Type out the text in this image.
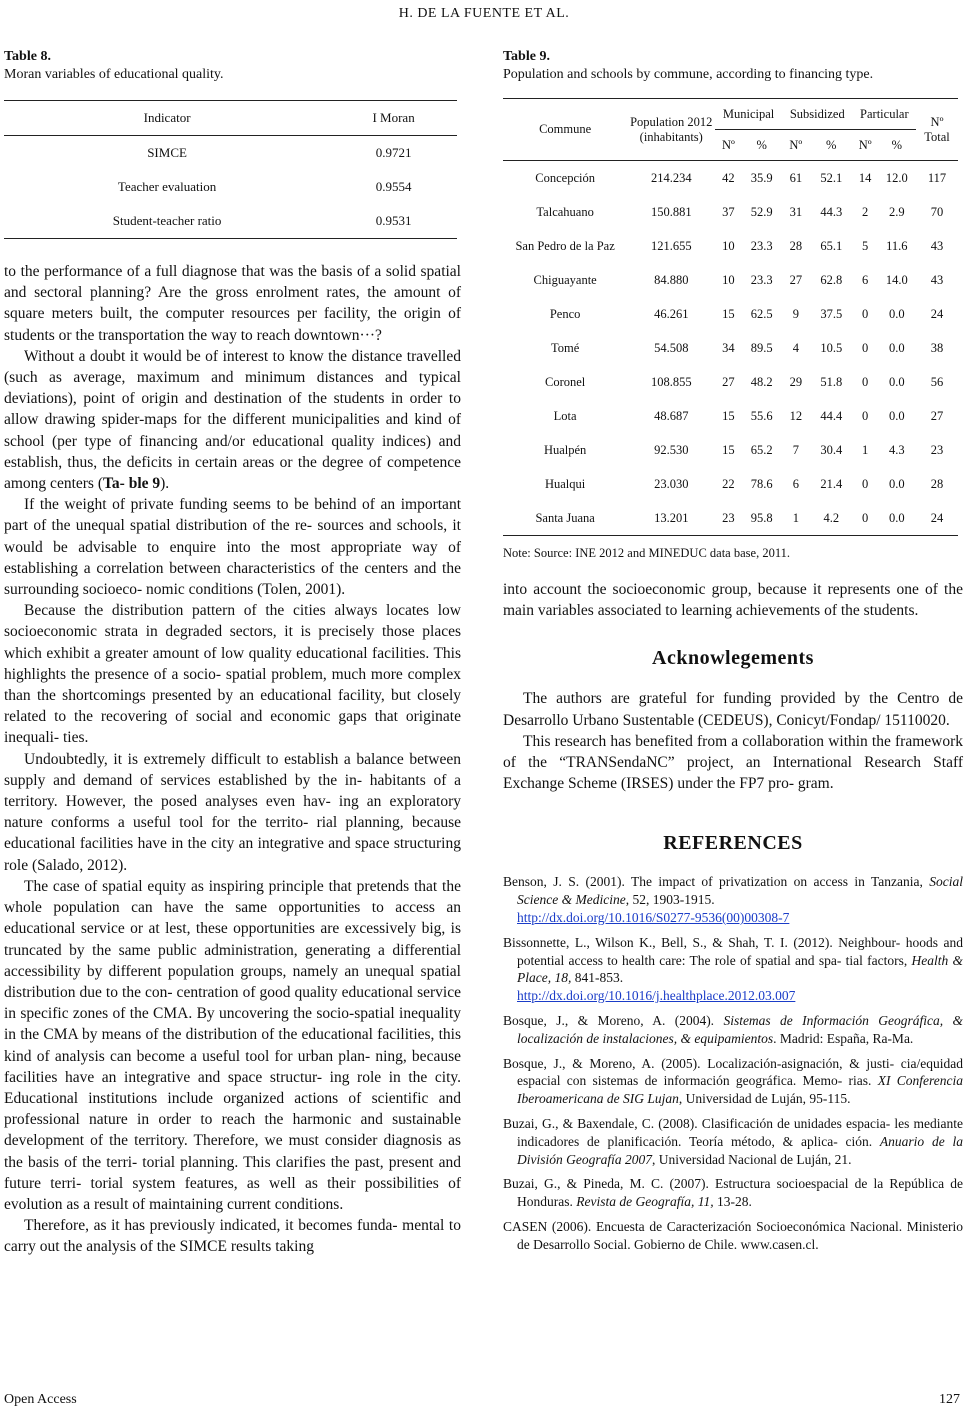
H. DE LA FUENTE ET AL.
Table 8.
Moran variables of educational quality.
Indicator	I Moran
SIMCE	0.9721
Teacher evaluation	0.9554
Student-teacher ratio	0.9531

to the performance of a full diagnose that was the basis of a solid spatial and sectoral planning? Are the gross enrolment rates, the amount of square meters built, the computer resources per facility, the origin of students or the transportation the way to reach downtown···?

Without a doubt it would be of interest to know the distance travelled (such as average, maximum and minimum distances and typical deviations), point of origin and destination of the students in order to allow drawing spider-maps for the different municipalities and kind of school (per type of financing and/or educational quality indices) and establish, thus, the deficits in certain areas or the degree of competence among centers (Ta- ble 9).

If the weight of private funding seems to be behind of an important part of the unequal spatial distribution of the re- sources and schools, it would be advisable to enquire into the most appropriate way of establishing a correlation between characteristics of the centers and the surrounding socioeco- nomic conditions (Tolen, 2001).

Because the distribution pattern of the cities always locates low socioeconomic strata in degraded sectors, it is precisely those places which exhibit a greater amount of low quality educational facilities. This highlights the presence of a socio- spatial problem, much more complex than the shortcomings presented by an educational facility, but closely related to the recovering of social and economic gaps that originate inequali- ties.

Undoubtedly, it is extremely difficult to establish a balance between supply and demand of services established by the in- habitants of a territory. However, the posed analyses even hav- ing an exploratory nature conforms a useful tool for the territo- rial planning, because educational facilities have in the city an integrative and space structuring role (Salado, 2012).

The case of spatial equity as inspiring principle that pretends that the whole population can have the same opportunities to access an educational service or at lest, these opportunities are excessively big, is truncated by the same public administration, generating a differential accessibility by different population groups, namely an unequal spatial distribution due to the con- centration of good quality educational service in specific zones of the CMA. By uncovering the socio-spatial inequality in the CMA by means of the distribution of the educational facilities, this kind of analysis can become a useful tool for urban plan- ning, because facilities have an integrative and space structur- ing role in the city. Educational institutions include organized actions of scientific and professional nature in order to reach the harmonic and sustainable development of the territory. Therefore, we must consider diagnosis as the basis of the terri- torial planning. This clarifies the past, present and future terri- torial system features, as well as their possibilities of evolution as a result of maintaining current conditions.

Therefore, as it has previously indicated, it becomes funda- mental to carry out the analysis of the SIMCE results taking

Table 9.
Population and schools by commune, according to financing type.
Commune	Population 2012 (inhabitants)	Municipal		Subsidized		Particular		Nº Total
		Nº	%	Nº	%	Nº	%	
Concepción	214.234	42	35.9	61	52.1	14	12.0	117
Talcahuano	150.881	37	52.9	31	44.3	2	2.9	70
San Pedro de la Paz	121.655	10	23.3	28	65.1	5	11.6	43
Chiguayante	84.880	10	23.3	27	62.8	6	14.0	43
Penco	46.261	15	62.5	9	37.5	0	0.0	24
Tomé	54.508	34	89.5	4	10.5	0	0.0	38
Coronel	108.855	27	48.2	29	51.8	0	0.0	56
Lota	48.687	15	55.6	12	44.4	0	0.0	27
Hualpén	92.530	15	65.2	7	30.4	1	4.3	23
Hualqui	23.030	22	78.6	6	21.4	0	0.0	28
Santa Juana	13.201	23	95.8	1	4.2	0	0.0	24
Note: Source: INE 2012 and MINEDUC data base, 2011.

into account the socioeconomic group, because it represents one of the main variables associated to learning achievements of the students.

Acknowlegements

The authors are grateful for funding provided by the Centro de Desarrollo Urbano Sustentable (CEDEUS), Conicyt/Fondap/ 15110020.

This research has benefited from a collaboration within the framework of the “TRANSendaNC” project, an International Research Staff Exchange Scheme (IRSES) under the FP7 pro- gram.

REFERENCES

Benson, J. S. (2001). The impact of privatization on access in Tanzania, Social Science & Medicine, 52, 1903-1915.
http://dx.doi.org/10.1016/S0277-9536(00)00308-7

Bissonnette, L., Wilson K., Bell, S., & Shah, T. I. (2012). Neighbour- hoods and potential access to health care: The role of spatial and spa- tial factors, Health & Place, 18, 841-853.
http://dx.doi.org/10.1016/j.healthplace.2012.03.007

Bosque, J., & Moreno, A. (2004). Sistemas de Información Geográfica, & localización de instalaciones, & equipamientos. Madrid: España, Ra-Ma.

Bosque, J., & Moreno, A. (2005). Localización-asignación, & justi- cia/equidad espacial con sistemas de información geográfica. Memo- rias. XI Conferencia Iberoamericana de SIG Lujan, Universidad de Luján, 95-115.

Buzai, G., & Baxendale, C. (2008). Clasificación de unidades espacia- les mediante indicadores de planificación. Teoría método, & aplica- ción. Anuario de la División Geografía 2007, Universidad Nacional de Luján, 21.

Buzai, G., & Pineda, M. C. (2007). Estructura socioespacial de la República de Honduras. Revista de Geografía, 11, 13-28.

CASEN (2006). Encuesta de Caracterización Socioeconómica Nacional. Ministerio de Desarrollo Social. Gobierno de Chile. www.casen.cl.

Open Access	127
